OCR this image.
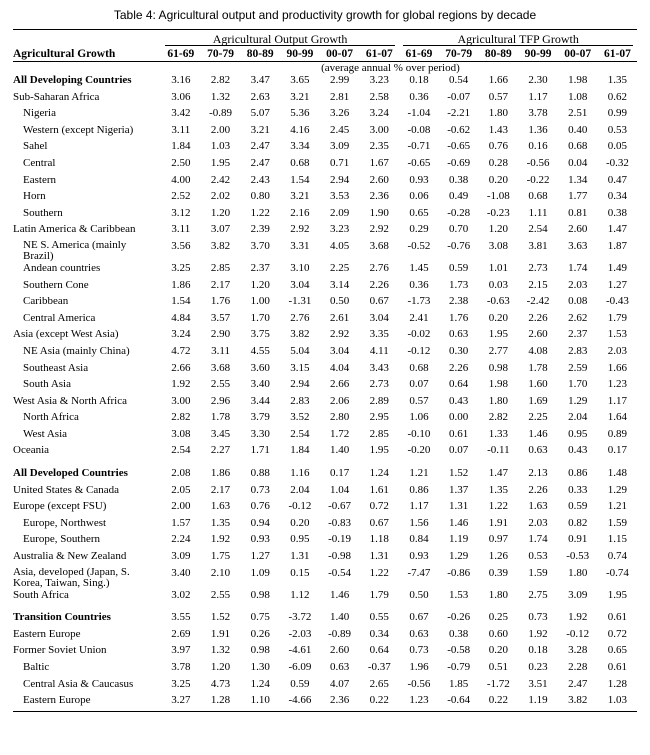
Table 4: Agricultural output and productivity growth for global regions by decade

Agricultural Output Growth	Agricultural TFP Growth

Agricultural Growth	61-69	70-79	80-89	90-99	00-07	61-07	61-69	70-79	80-89	90-99	00-07	61-07
		(average annual % over period)
All Developing Countries	3.16	2.82	3.47	3.65	2.99	3.23	0.18	0.54	1.66	2.30	1.98	1.35
Sub-Saharan Africa	3.06	1.32	2.63	3.21	2.81	2.58	0.36	-0.07	0.57	1.17	1.08	0.62
Nigeria	3.42	-0.89	5.07	5.36	3.26	3.24	-1.04	-2.21	1.80	3.78	2.51	0.99
Western (except Nigeria)	3.11	2.00	3.21	4.16	2.45	3.00	-0.08	-0.62	1.43	1.36	0.40	0.53
Sahel	1.84	1.03	2.47	3.34	3.09	2.35	-0.71	-0.65	0.76	0.16	0.68	0.05
Central	2.50	1.95	2.47	0.68	0.71	1.67	-0.65	-0.69	0.28	-0.56	0.04	-0.32
Eastern	4.00	2.42	2.43	1.54	2.94	2.60	0.93	0.38	0.20	-0.22	1.34	0.47
Horn	2.52	2.02	0.80	3.21	3.53	2.36	0.06	0.49	-1.08	0.68	1.77	0.34
Southern	3.12	1.20	1.22	2.16	2.09	1.90	0.65	-0.28	-0.23	1.11	0.81	0.38
Latin America & Caribbean	3.11	3.07	2.39	2.92	3.23	2.92	0.29	0.70	1.20	2.54	2.60	1.47
NE S. America (mainly Brazil)	3.56	3.82	3.70	3.31	4.05	3.68	-0.52	-0.76	3.08	3.81	3.63	1.87
Andean countries	3.25	2.85	2.37	3.10	2.25	2.76	1.45	0.59	1.01	2.73	1.74	1.49
Southern Cone	1.86	2.17	1.20	3.04	3.14	2.26	0.36	1.73	0.03	2.15	2.03	1.27
Caribbean	1.54	1.76	1.00	-1.31	0.50	0.67	-1.73	2.38	-0.63	-2.42	0.08	-0.43
Central America	4.84	3.57	1.70	2.76	2.61	3.04	2.41	1.76	0.20	2.26	2.62	1.79
Asia (except West Asia)	3.24	2.90	3.75	3.82	2.92	3.35	-0.02	0.63	1.95	2.60	2.37	1.53
NE Asia (mainly China)	4.72	3.11	4.55	5.04	3.04	4.11	-0.12	0.30	2.77	4.08	2.83	2.03
Southeast Asia	2.66	3.68	3.60	3.15	4.04	3.43	0.68	2.26	0.98	1.78	2.59	1.66
South Asia	1.92	2.55	3.40	2.94	2.66	2.73	0.07	0.64	1.98	1.60	1.70	1.23
West Asia & North Africa	3.00	2.96	3.44	2.83	2.06	2.89	0.57	0.43	1.80	1.69	1.29	1.17
North Africa	2.82	1.78	3.79	3.52	2.80	2.95	1.06	0.00	2.82	2.25	2.04	1.64
West Asia	3.08	3.45	3.30	2.54	1.72	2.85	-0.10	0.61	1.33	1.46	0.95	0.89
Oceania	2.54	2.27	1.71	1.84	1.40	1.95	-0.20	0.07	-0.11	0.63	0.43	0.17

All Developed Countries	2.08	1.86	0.88	1.16	0.17	1.24	1.21	1.52	1.47	2.13	0.86	1.48
United States & Canada	2.05	2.17	0.73	2.04	1.04	1.61	0.86	1.37	1.35	2.26	0.33	1.29
Europe (except FSU)	2.00	1.63	0.76	-0.12	-0.67	0.72	1.17	1.31	1.22	1.63	0.59	1.21
Europe, Northwest	1.57	1.35	0.94	0.20	-0.83	0.67	1.56	1.46	1.91	2.03	0.82	1.59
Europe, Southern	2.24	1.92	0.93	0.95	-0.19	1.18	0.84	1.19	0.97	1.74	0.91	1.15
Australia & New Zealand	3.09	1.75	1.27	1.31	-0.98	1.31	0.93	1.29	1.26	0.53	-0.53	0.74
Asia, developed (Japan, S. Korea, Taiwan, Sing.)	3.40	2.10	1.09	0.15	-0.54	1.22	-7.47	-0.86	0.39	1.59	1.80	-0.74
South Africa	3.02	2.55	0.98	1.12	1.46	1.79	0.50	1.53	1.80	2.75	3.09	1.95

Transition Countries	3.55	1.52	0.75	-3.72	1.40	0.55	0.67	-0.26	0.25	0.73	1.92	0.61
Eastern Europe	2.69	1.91	0.26	-2.03	-0.89	0.34	0.63	0.38	0.60	1.92	-0.12	0.72
Former Soviet Union	3.97	1.32	0.98	-4.61	2.60	0.64	0.73	-0.58	0.20	0.18	3.28	0.65
Baltic	3.78	1.20	1.30	-6.09	0.63	-0.37	1.96	-0.79	0.51	0.23	2.28	0.61
Central Asia & Caucasus	3.25	4.73	1.24	0.59	4.07	2.65	-0.56	1.85	-1.72	3.51	2.47	1.28
Eastern Europe	3.27	1.28	1.10	-4.66	2.36	0.22	1.23	-0.64	0.22	1.19	3.82	1.03
